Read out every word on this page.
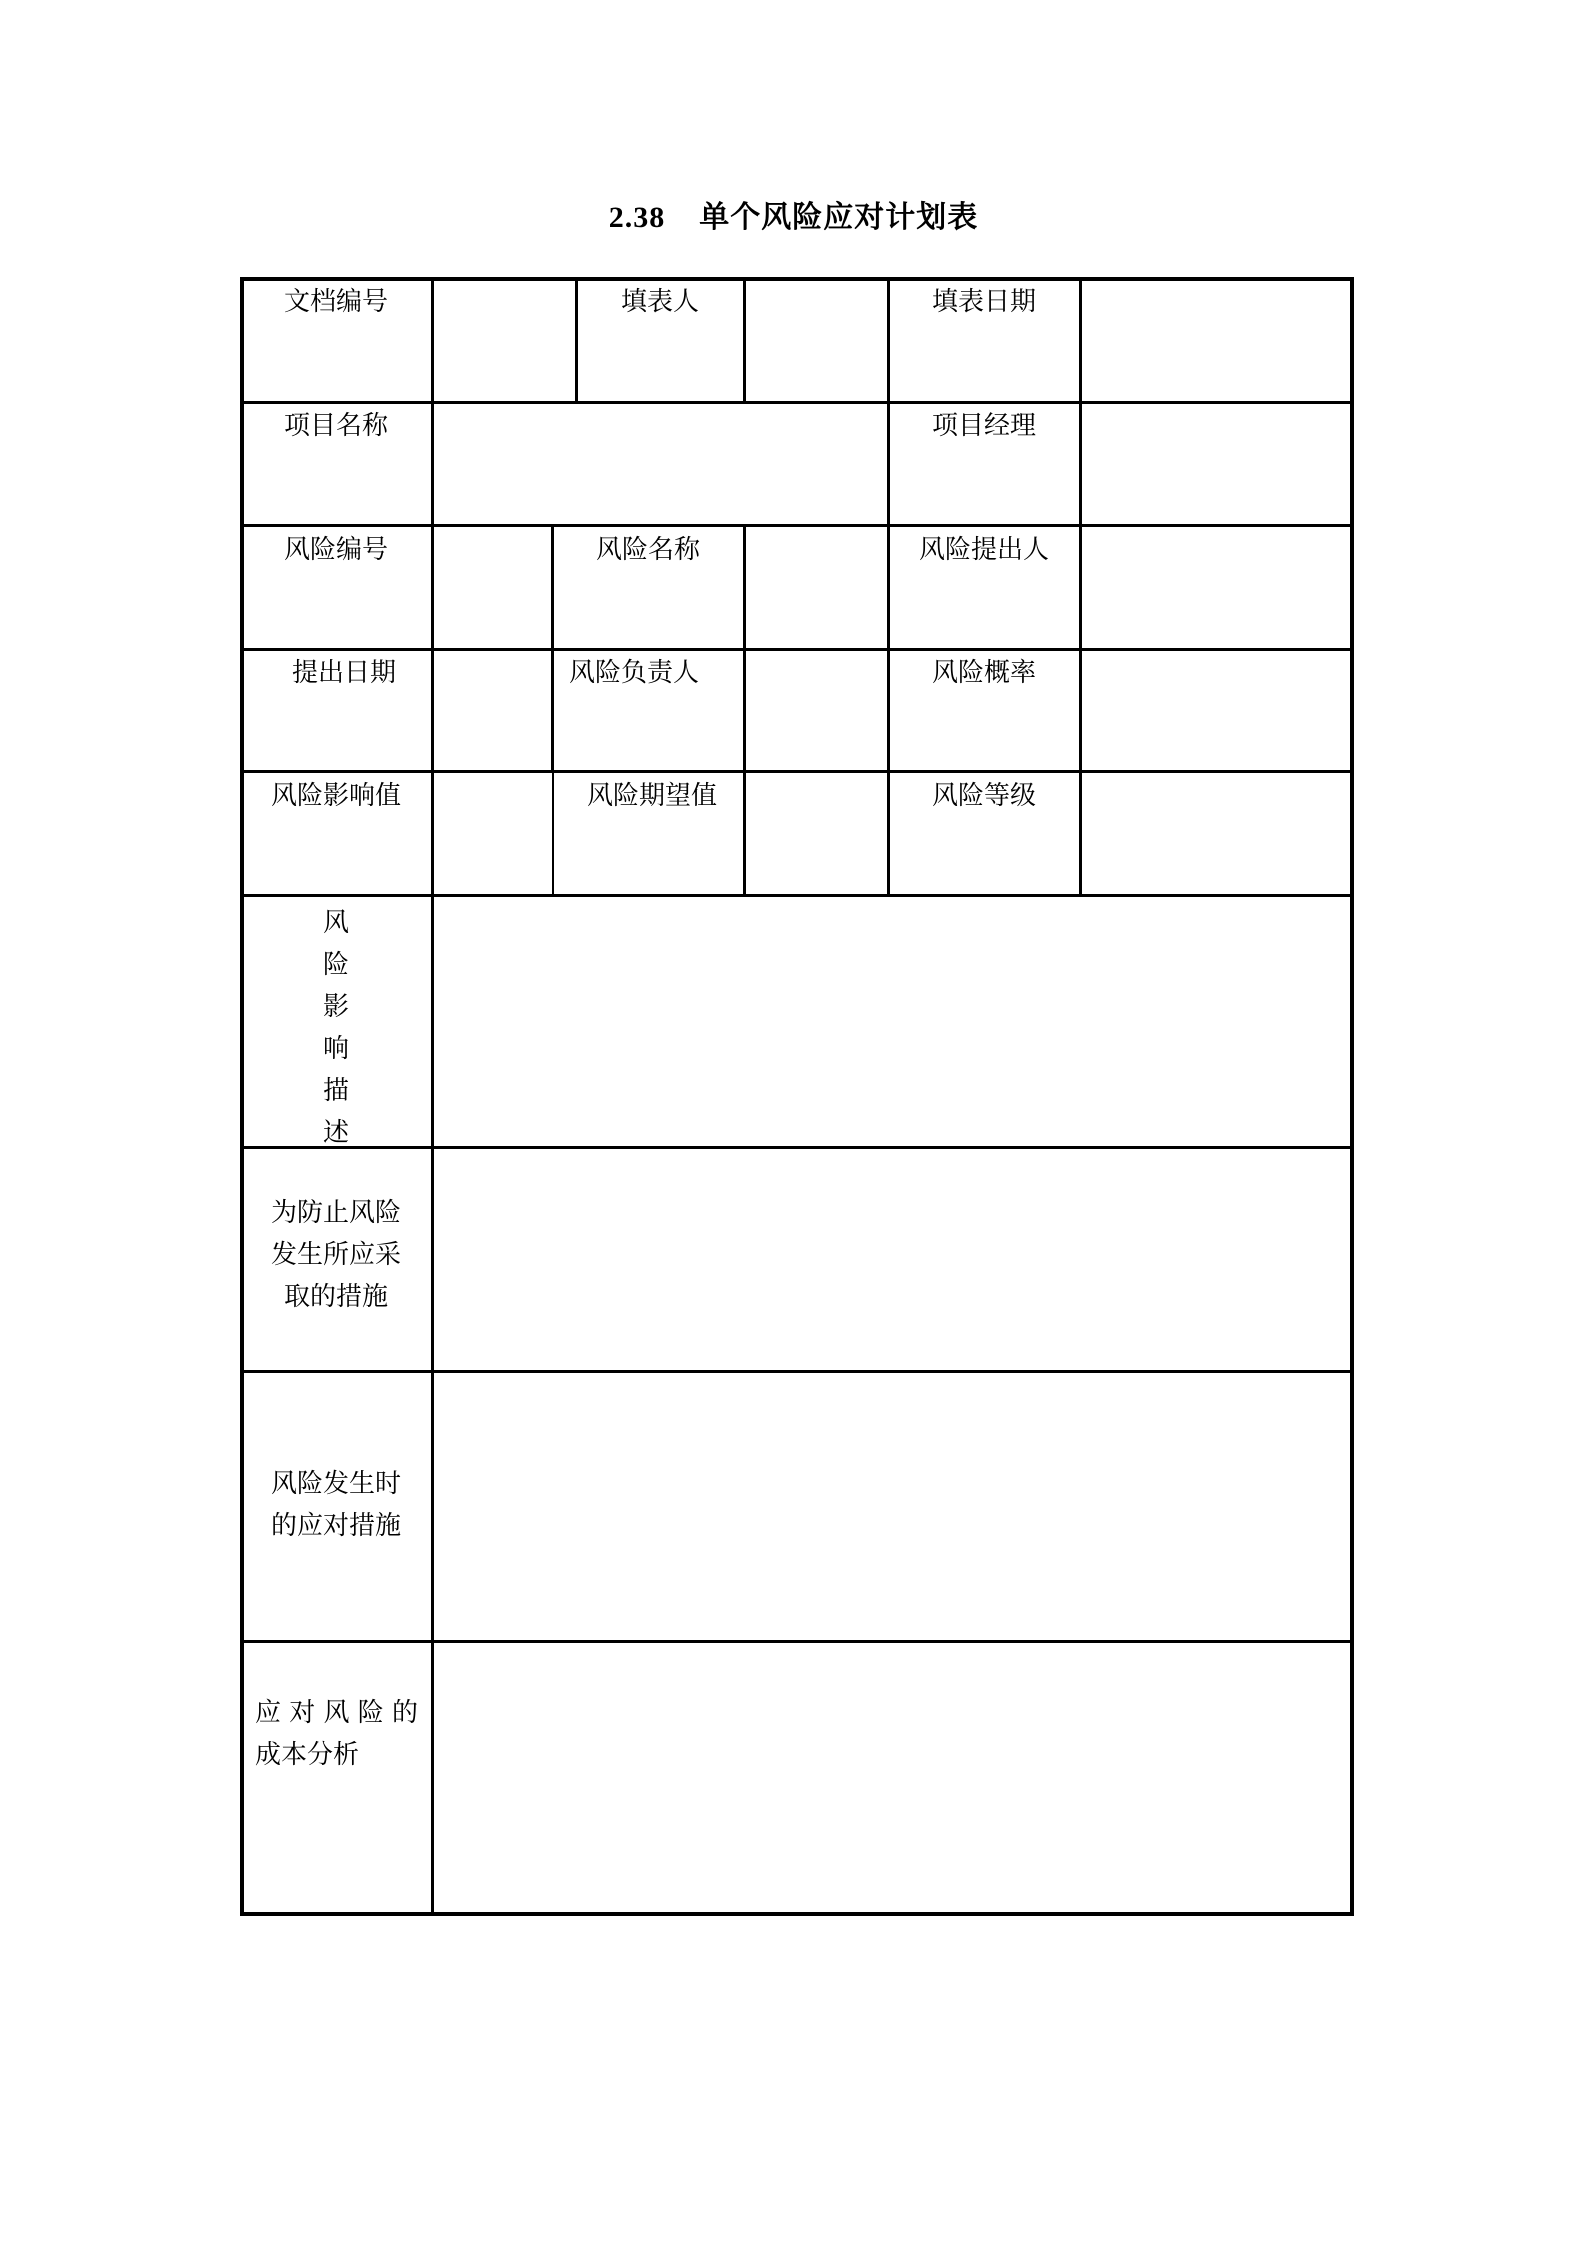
2.38 单个风险应对计划表
文档编号	填表人	填表日期
项目名称	项目经理
风险编号	风险名称	风险提出人
提出日期	风险负责人	风险概率
风险影响值	风险期望值	风险等级
风
险
影
响
描
述
为防止风险
发生所应采
取的措施
风险发生时
的应对措施
应 对 风 险 的
成本分析
